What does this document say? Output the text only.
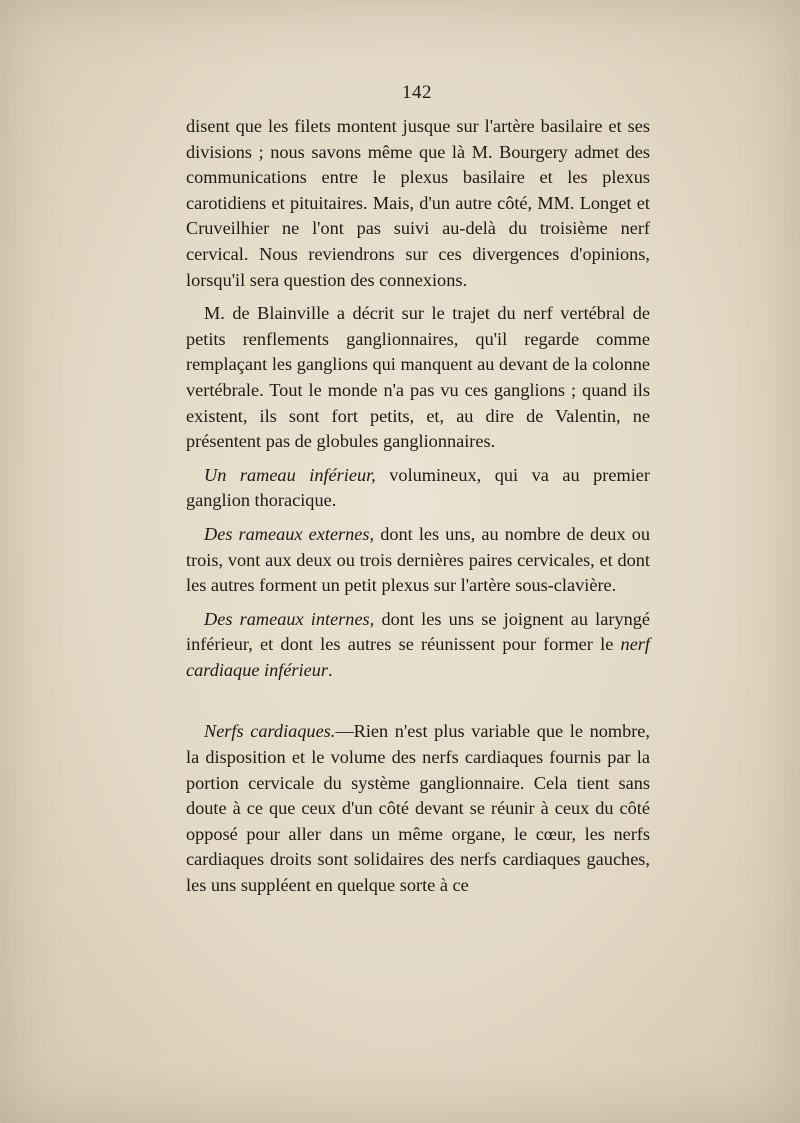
142

disent que les filets montent jusque sur l'artère basilaire et ses divisions ; nous savons même que là M. Bourgery admet des communications entre le plexus basilaire et les plexus carotidiens et pituitaires. Mais, d'un autre côté, MM. Longet et Cruveilhier ne l'ont pas suivi au-delà du troisième nerf cervical. Nous reviendrons sur ces divergences d'opinions, lorsqu'il sera question des connexions.

M. de Blainville a décrit sur le trajet du nerf vertébral de petits renflements ganglionnaires, qu'il regarde comme remplaçant les ganglions qui manquent au devant de la colonne vertébrale. Tout le monde n'a pas vu ces ganglions ; quand ils existent, ils sont fort petits, et, au dire de Valentin, ne présentent pas de globules ganglionnaires.

Un rameau inférieur, volumineux, qui va au premier ganglion thoracique.

Des rameaux externes, dont les uns, au nombre de deux ou trois, vont aux deux ou trois dernières paires cervicales, et dont les autres forment un petit plexus sur l'artère sous-clavière.

Des rameaux internes, dont les uns se joignent au laryngé inférieur, et dont les autres se réunissent pour former le nerf cardiaque inférieur.

Nerfs cardiaques.—Rien n'est plus variable que le nombre, la disposition et le volume des nerfs cardiaques fournis par la portion cervicale du système ganglionnaire. Cela tient sans doute à ce que ceux d'un côté devant se réunir à ceux du côté opposé pour aller dans un même organe, le cœur, les nerfs cardiaques droits sont solidaires des nerfs cardiaques gauches, les uns suppléent en quelque sorte à ce
